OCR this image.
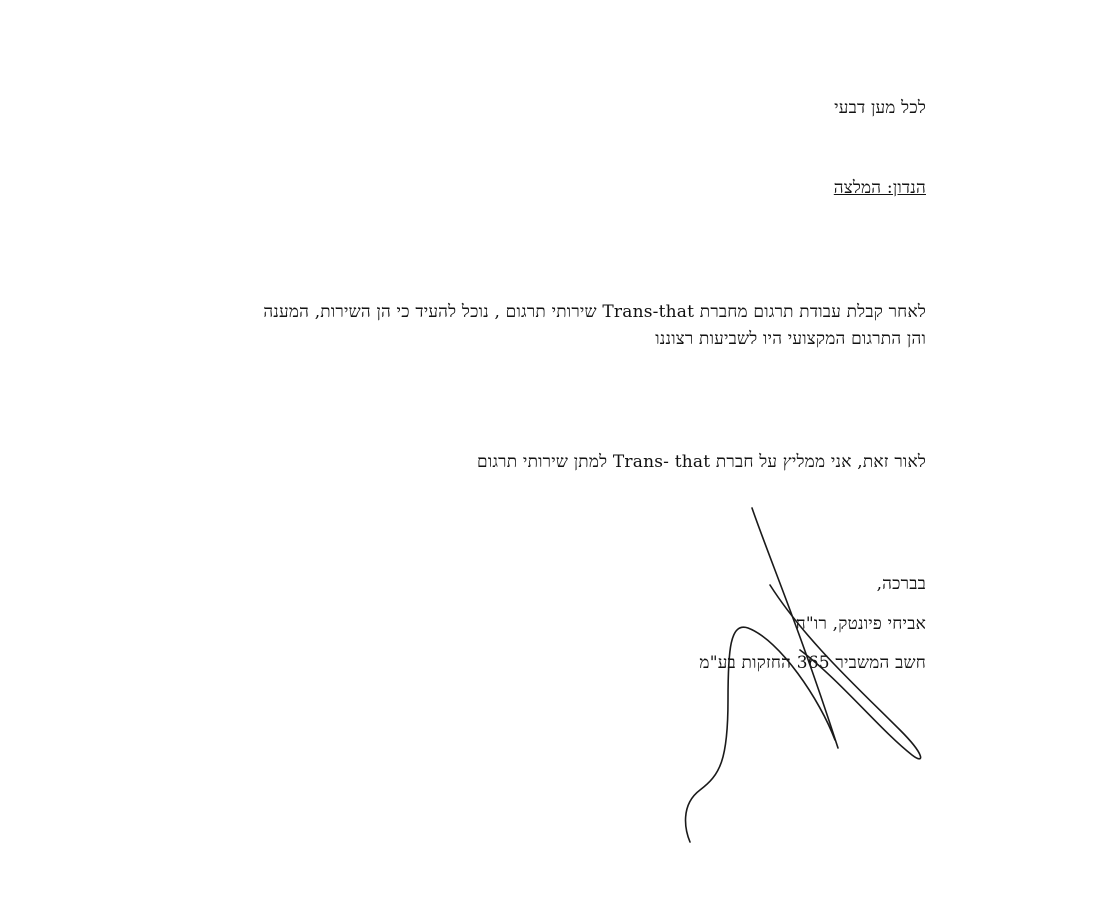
לכל מען דבעי
הנדון: המלצה
לאחר קבלת עבודת תרגום מחברת Trans-that שירותי תרגום , נוכל להעיד כי הן השירות, המענה
והן התרגום המקצועי היו לשביעות רצוננו
לאור זאת, אני ממליץ על חברת Trans- that למתן שירותי תרגום
בברכה,
אביחי פיונטק, רו"ח
חשב המשביר 365 החזקות בע"מ
